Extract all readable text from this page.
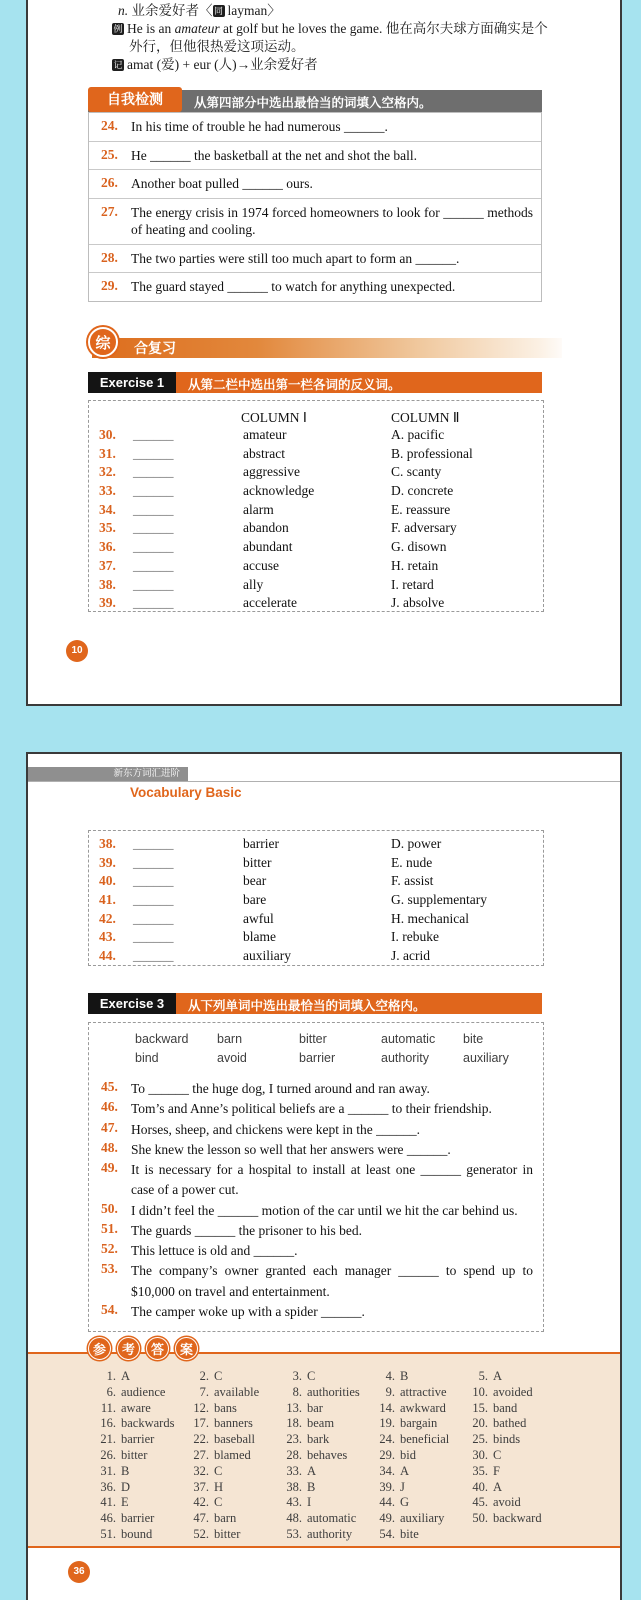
n. 业余爱好者〈同 layman〉
例 He is an amateur at golf but he loves the game. 他在高尔夫球方面确实是个外行，但他很热爱这项运动。
记 amat (爱) + eur (人)→业余爱好者
自我检测	从第四部分中选出最恰当的词填入空格内。
24. In his time of trouble he had numerous ______.
25. He ______ the basketball at the net and shot the ball.
26. Another boat pulled ______ ours.
27. The energy crisis in 1974 forced homeowners to look for ______ methods of heating and cooling.
28. The two parties were still too much apart to form an ______.
29. The guard stayed ______ to watch for anything unexpected.
合复习
综
Exercise 1	从第二栏中选出第一栏各词的反义词。
COLUMN Ⅰ	COLUMN Ⅱ
30.	______	amateur	A. pacific
31.	______	abstract	B. professional
32.	______	aggressive	C. scanty
33.	______	acknowledge	D. concrete
34.	______	alarm	E. reassure
35.	______	abandon	F. adversary
36.	______	abundant	G. disown
37.	______	accuse	H. retain
38.	______	ally	I. retard
39.	______	accelerate	J. absolve
10
新东方词汇进阶
Vocabulary Basic
38.	______	barrier	D. power
39.	______	bitter	E. nude
40.	______	bear	F. assist
41.	______	bare	G. supplementary
42.	______	awful	H. mechanical
43.	______	blame	I. rebuke
44.	______	auxiliary	J. acrid
Exercise 3	从下列单词中选出最恰当的词填入空格内。
backward	barn	bitter	automatic	bite
bind	avoid	barrier	authority	auxiliary
45. To ______ the huge dog, I turned around and ran away.
46. Tom’s and Anne’s political beliefs are a ______ to their friendship.
47. Horses, sheep, and chickens were kept in the ______.
48. She knew the lesson so well that her answers were ______.
49. It is necessary for a hospital to install at least one ______ generator in case of a power cut.
50. I didn’t feel the ______ motion of the car until we hit the car behind us.
51. The guards ______ the prisoner to his bed.
52. This lettuce is old and ______.
53. The company’s owner granted each manager ______ to spend up to $10,000 on travel and entertainment.
54. The camper woke up with a spider ______.
参 考 答 案
1. A	2. C	3. C	4. B	5. A
6. audience	7. available	8. authorities	9. attractive	10. avoided
11. aware	12. bans	13. bar	14. awkward	15. band
16. backwards	17. banners	18. beam	19. bargain	20. bathed
21. barrier	22. baseball	23. bark	24. beneficial	25. binds
26. bitter	27. blamed	28. behaves	29. bid	30. C
31. B	32. C	33. A	34. A	35. F
36. D	37. H	38. B	39. J	40. A
41. E	42. C	43. I	44. G	45. avoid
46. barrier	47. barn	48. automatic	49. auxiliary	50. backward
51. bound	52. bitter	53. authority	54. bite
36
